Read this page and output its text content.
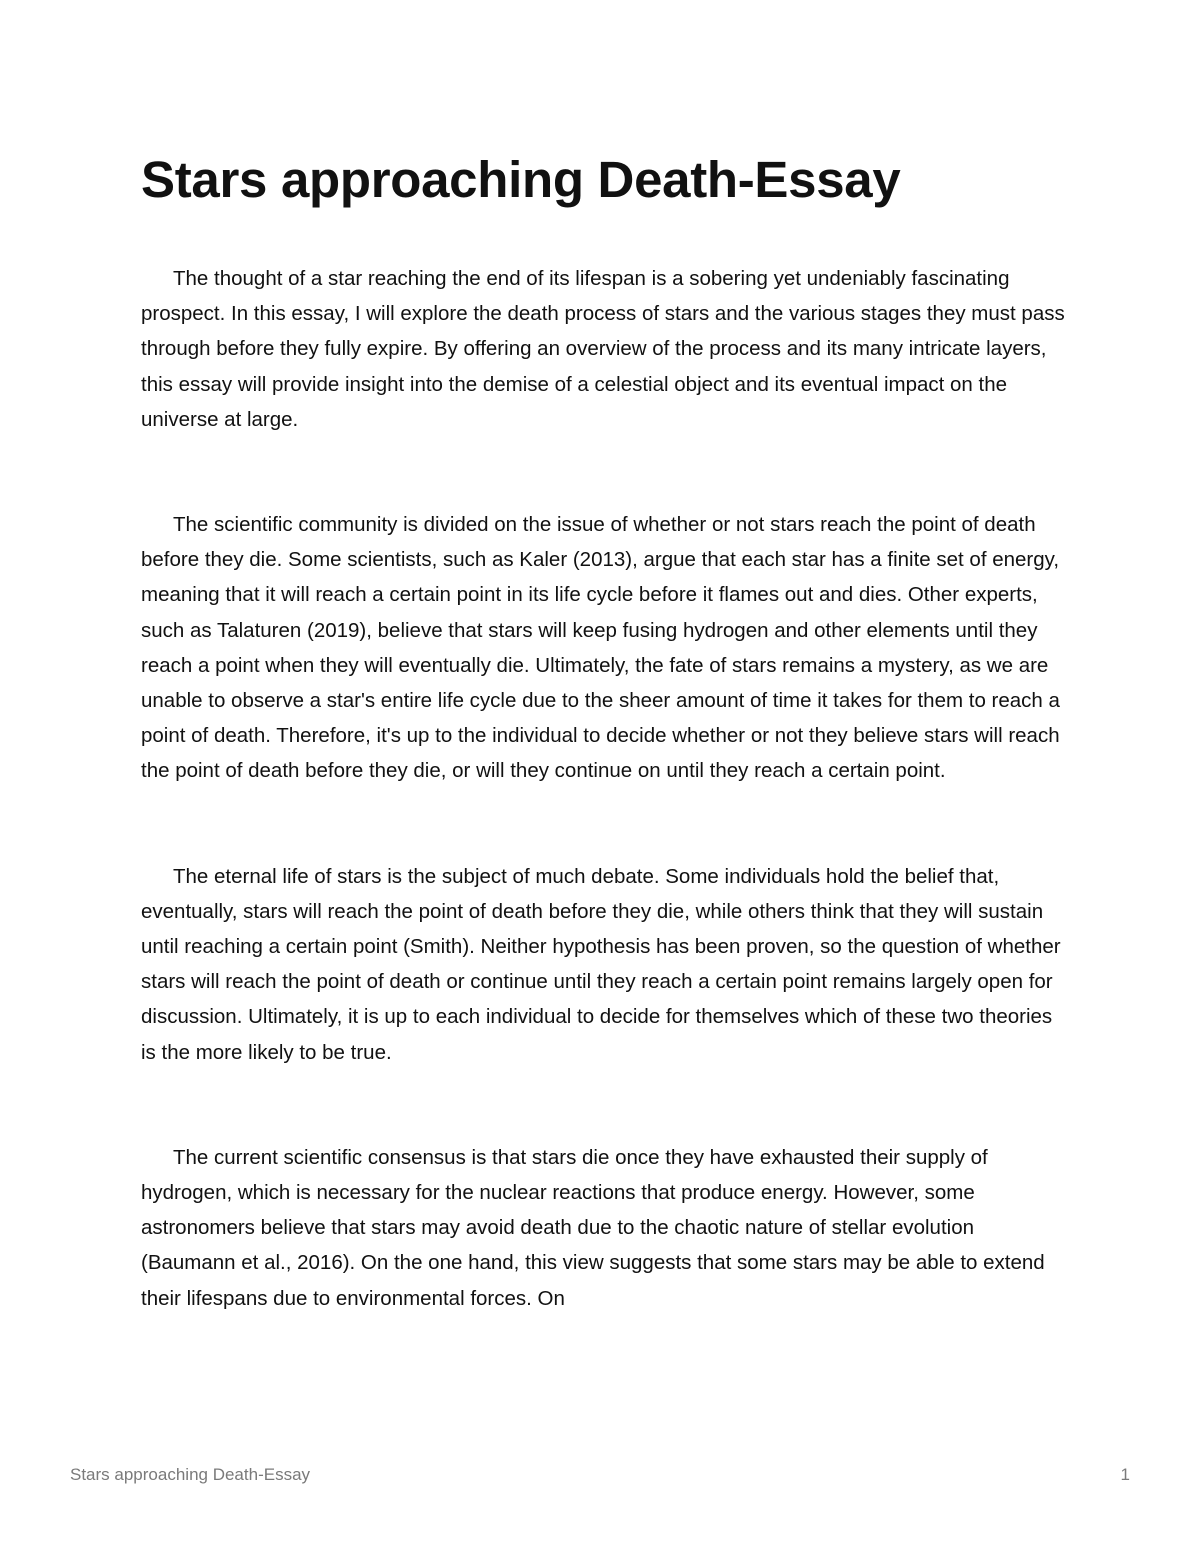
Stars approaching Death-Essay

The thought of a star reaching the end of its lifespan is a sobering yet undeniably fascinating prospect. In this essay, I will explore the death process of stars and the various stages they must pass through before they fully expire. By offering an overview of the process and its many intricate layers, this essay will provide insight into the demise of a celestial object and its eventual impact on the universe at large.

The scientific community is divided on the issue of whether or not stars reach the point of death before they die. Some scientists, such as Kaler (2013), argue that each star has a finite set of energy, meaning that it will reach a certain point in its life cycle before it flames out and dies. Other experts, such as Talaturen (2019), believe that stars will keep fusing hydrogen and other elements until they reach a point when they will eventually die. Ultimately, the fate of stars remains a mystery, as we are unable to observe a star's entire life cycle due to the sheer amount of time it takes for them to reach a point of death. Therefore, it's up to the individual to decide whether or not they believe stars will reach the point of death before they die, or will they continue on until they reach a certain point.

The eternal life of stars is the subject of much debate. Some individuals hold the belief that, eventually, stars will reach the point of death before they die, while others think that they will sustain until reaching a certain point (Smith). Neither hypothesis has been proven, so the question of whether stars will reach the point of death or continue until they reach a certain point remains largely open for discussion. Ultimately, it is up to each individual to decide for themselves which of these two theories is the more likely to be true.

The current scientific consensus is that stars die once they have exhausted their supply of hydrogen, which is necessary for the nuclear reactions that produce energy. However, some astronomers believe that stars may avoid death due to the chaotic nature of stellar evolution (Baumann et al., 2016). On the one hand, this view suggests that some stars may be able to extend their lifespans due to environmental forces. On

Stars approaching Death-Essay	1
